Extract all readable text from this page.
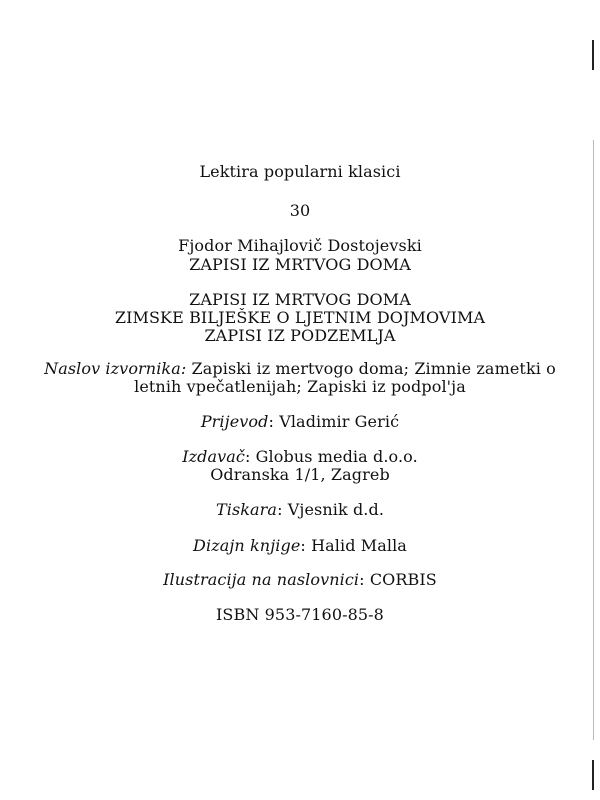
Lektira popularni klasici
30
Fjodor Mihajlovič Dostojevski
ZAPISI IZ MRTVOG DOMA
ZAPISI IZ MRTVOG DOMA
ZIMSKE BILJEŠKE O LJETNIM DOJMOVIMA
ZAPISI IZ PODZEMLJA
Naslov izvornika: Zapiski iz mertvogo doma; Zimnie zametki o
letnih vpečatlenijah; Zapiski iz podpol'ja
Prijevod: Vladimir Gerić
Izdavač: Globus media d.o.o.
Odranska 1/1, Zagreb
Tiskara: Vjesnik d.d.
Dizajn knjige: Halid Malla
Ilustracija na naslovnici: CORBIS
ISBN 953-7160-85-8
